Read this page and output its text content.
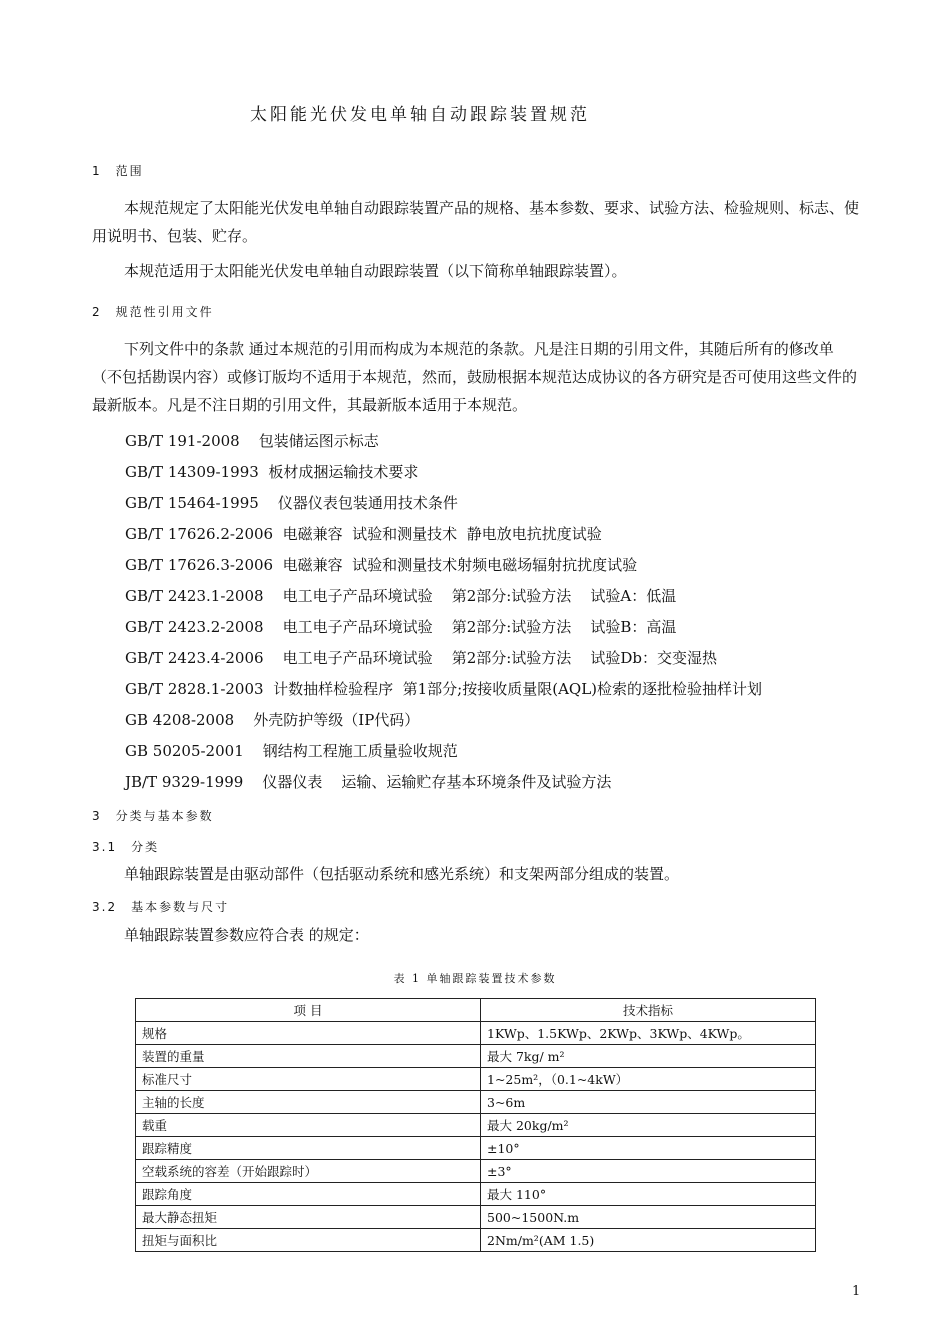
太阳能光伏发电单轴自动跟踪装置规范
1 范围
本规范规定了太阳能光伏发电单轴自动跟踪装置产品的规格、基本参数、要求、试验方法、检验规则、标志、使用说明书、包装、贮存。
本规范适用于太阳能光伏发电单轴自动跟踪装置（以下简称单轴跟踪装置）。
2 规范性引用文件
下列文件中的条款 通过本规范的引用而构成为本规范的条款。凡是注日期的引用文件，其随后所有的修改单（不包括勘误内容）或修订版均不适用于本规范，然而，鼓励根据本规范达成协议的各方研究是否可使用这些文件的最新版本。凡是不注日期的引用文件，其最新版本适用于本规范。
GB/T 191-2008    包装储运图示标志
GB/T 14309-1993  板材成捆运输技术要求
GB/T 15464-1995    仪器仪表包装通用技术条件
GB/T 17626.2-2006  电磁兼容  试验和测量技术  静电放电抗扰度试验
GB/T 17626.3-2006  电磁兼容  试验和测量技术射频电磁场辐射抗扰度试验
GB/T 2423.1-2008    电工电子产品环境试验    第2部分:试验方法    试验A：低温
GB/T 2423.2-2008    电工电子产品环境试验    第2部分:试验方法    试验B：高温
GB/T 2423.4-2006    电工电子产品环境试验    第2部分:试验方法    试验Db：交变湿热
GB/T 2828.1-2003  计数抽样检验程序  第1部分;按接收质量限(AQL)检索的逐批检验抽样计划
GB 4208-2008    外壳防护等级（IP代码）
GB 50205-2001    钢结构工程施工质量验收规范
JB/T 9329-1999    仪器仪表    运输、运输贮存基本环境条件及试验方法
3 分类与基本参数
3.1 分类
单轴跟踪装置是由驱动部件（包括驱动系统和感光系统）和支架两部分组成的装置。
3.2 基本参数与尺寸
单轴跟踪装置参数应符合表 的规定：
表 1 单轴跟踪装置技术参数
项 目	技术指标
规格	1KWp、1.5KWp、2KWp、3KWp、4KWp。
装置的重量	最大 7kg/ m²
标准尺寸	1~25m²，（0.1~4kW）
主轴的长度	3~6m
载重	最大 20kg/m²
跟踪精度	±10°
空载系统的容差（开始跟踪时）	±3°
跟踪角度	最大 110°
最大静态扭矩	500~1500N.m
扭矩与面积比	2Nm/m²(AM 1.5)
1
